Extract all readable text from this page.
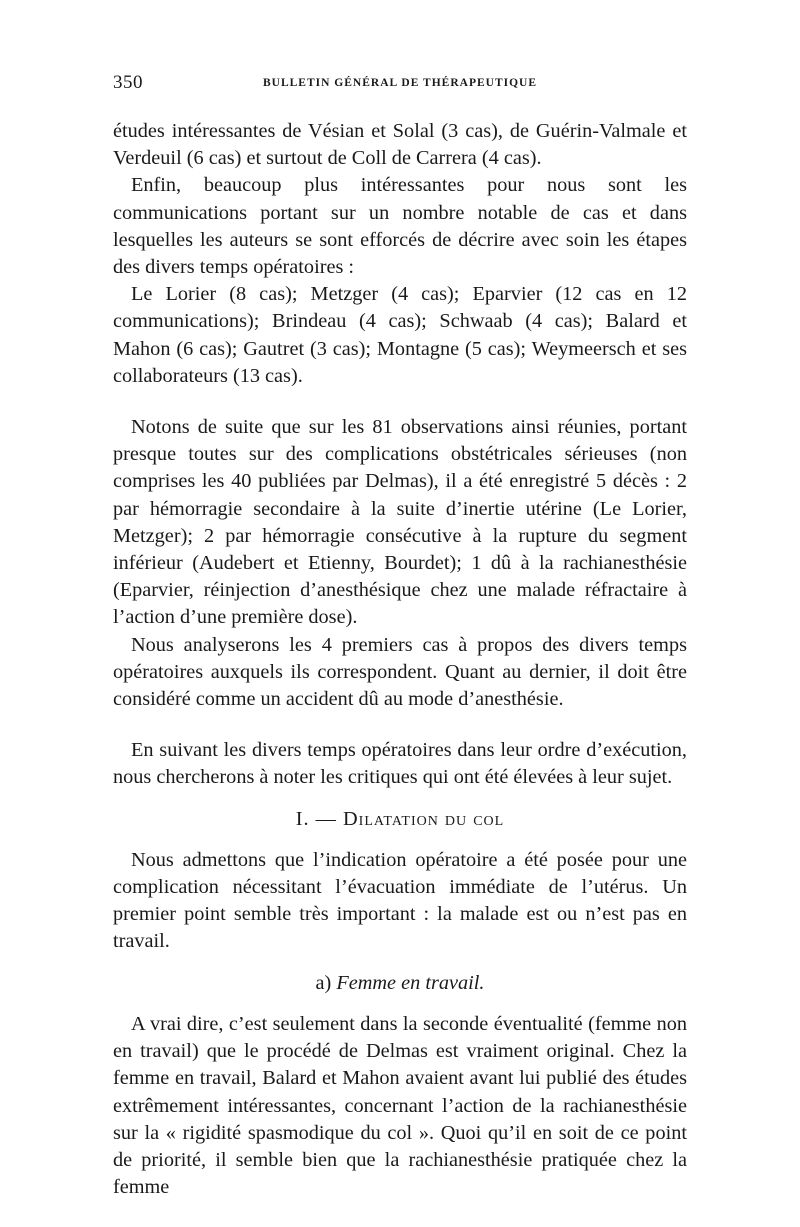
350	BULLETIN GÉNÉRAL DE THÉRAPEUTIQUE

études intéressantes de Vésian et Solal (3 cas), de Guérin-Valmale et Verdeuil (6 cas) et surtout de Coll de Carrera (4 cas).

Enfin, beaucoup plus intéressantes pour nous sont les communications portant sur un nombre notable de cas et dans lesquelles les auteurs se sont efforcés de décrire avec soin les étapes des divers temps opératoires :

Le Lorier (8 cas); Metzger (4 cas); Eparvier (12 cas en 12 communications); Brindeau (4 cas); Schwaab (4 cas); Balard et Mahon (6 cas); Gautret (3 cas); Montagne (5 cas); Weymeersch et ses collaborateurs (13 cas).

Notons de suite que sur les 81 observations ainsi réunies, portant presque toutes sur des complications obstétricales sérieuses (non comprises les 40 publiées par Delmas), il a été enregistré 5 décès : 2 par hémorragie secondaire à la suite d’inertie utérine (Le Lorier, Metzger); 2 par hémorragie consécutive à la rupture du segment inférieur (Audebert et Etienny, Bourdet); 1 dû à la rachianesthésie (Eparvier, réinjection d’anesthésique chez une malade réfractaire à l’action d’une première dose).

Nous analyserons les 4 premiers cas à propos des divers temps opératoires auxquels ils correspondent. Quant au dernier, il doit être considéré comme un accident dû au mode d’anesthésie.

En suivant les divers temps opératoires dans leur ordre d’exécution, nous chercherons à noter les critiques qui ont été élevées à leur sujet.

I. — Dilatation du col

Nous admettons que l’indication opératoire a été posée pour une complication nécessitant l’évacuation immédiate de l’utérus. Un premier point semble très important : la malade est ou n’est pas en travail.

a) Femme en travail.

A vrai dire, c’est seulement dans la seconde éventualité (femme non en travail) que le procédé de Delmas est vraiment original. Chez la femme en travail, Balard et Mahon avaient avant lui publié des études extrêmement intéressantes, concernant l’action de la rachianesthésie sur la « rigidité spasmodique du col ». Quoi qu’il en soit de ce point de priorité, il semble bien que la rachianesthésie pratiquée chez la femme
